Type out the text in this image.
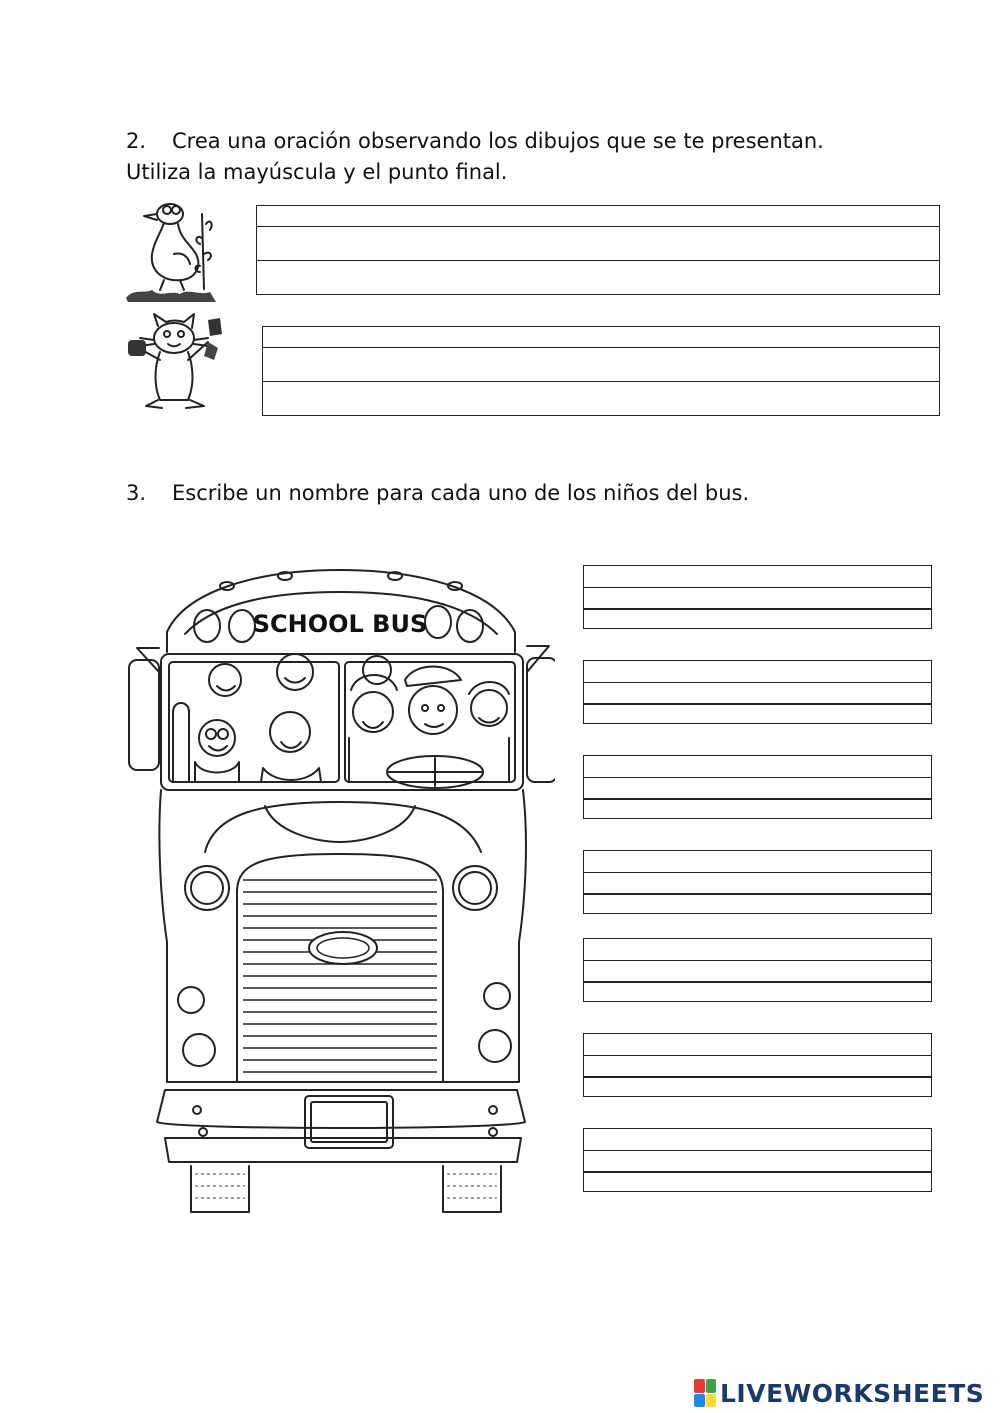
2. Crea una oración observando los dibujos que se te presentan.
Utiliza la mayúscula y el punto final.
3. Escribe un nombre para cada uno de los niños del bus.
SCHOOL BUS
LIVEWORKSHEETS
